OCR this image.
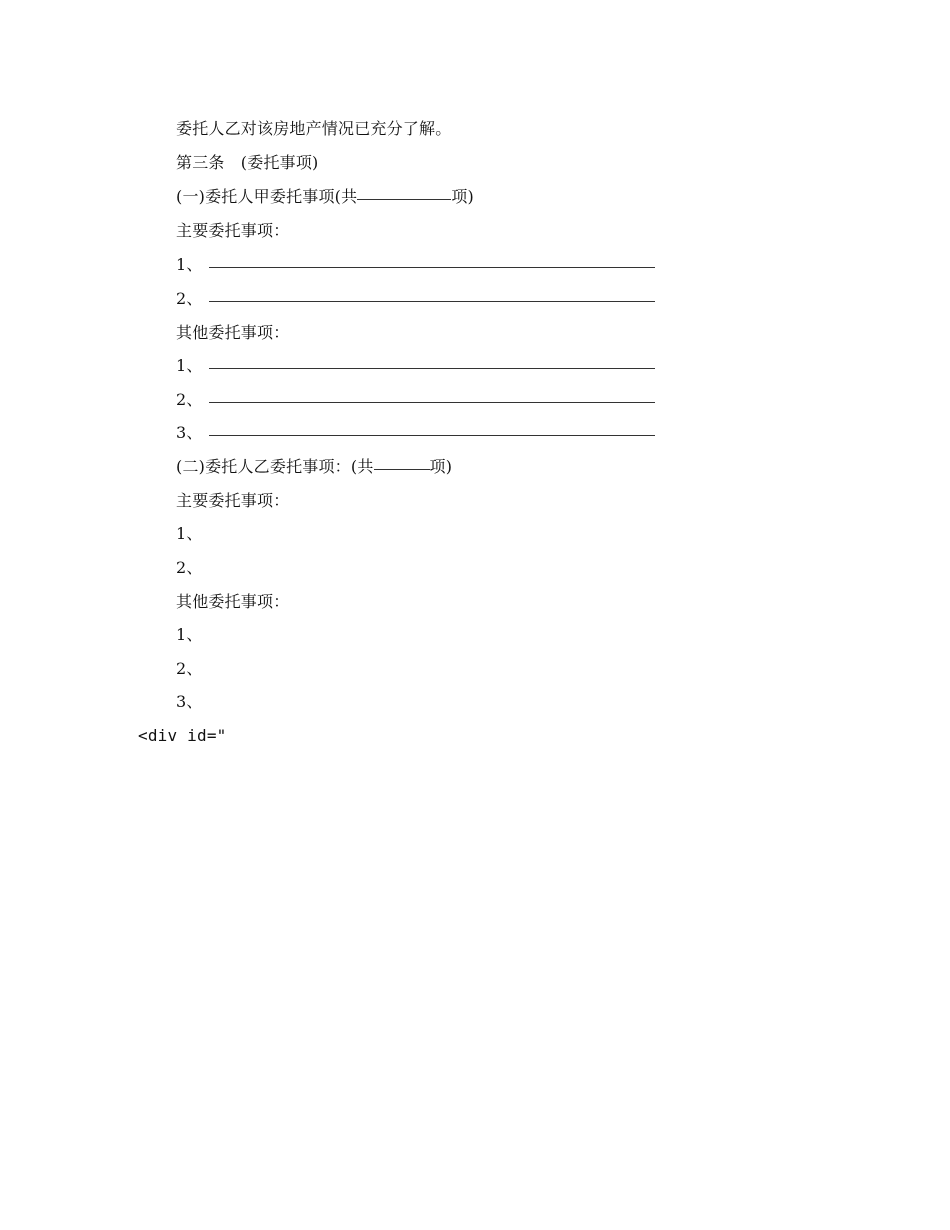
委托人乙对该房地产情况已充分了解。
第三条　(委托事项)
(一)委托人甲委托事项(共	项)
主要委托事项：
1、
2、
其他委托事项：
1、
2、
3、
(二)委托人乙委托事项：(共	项)
主要委托事项：
1、
2、
其他委托事项：
1、
2、
3、
<div id="
